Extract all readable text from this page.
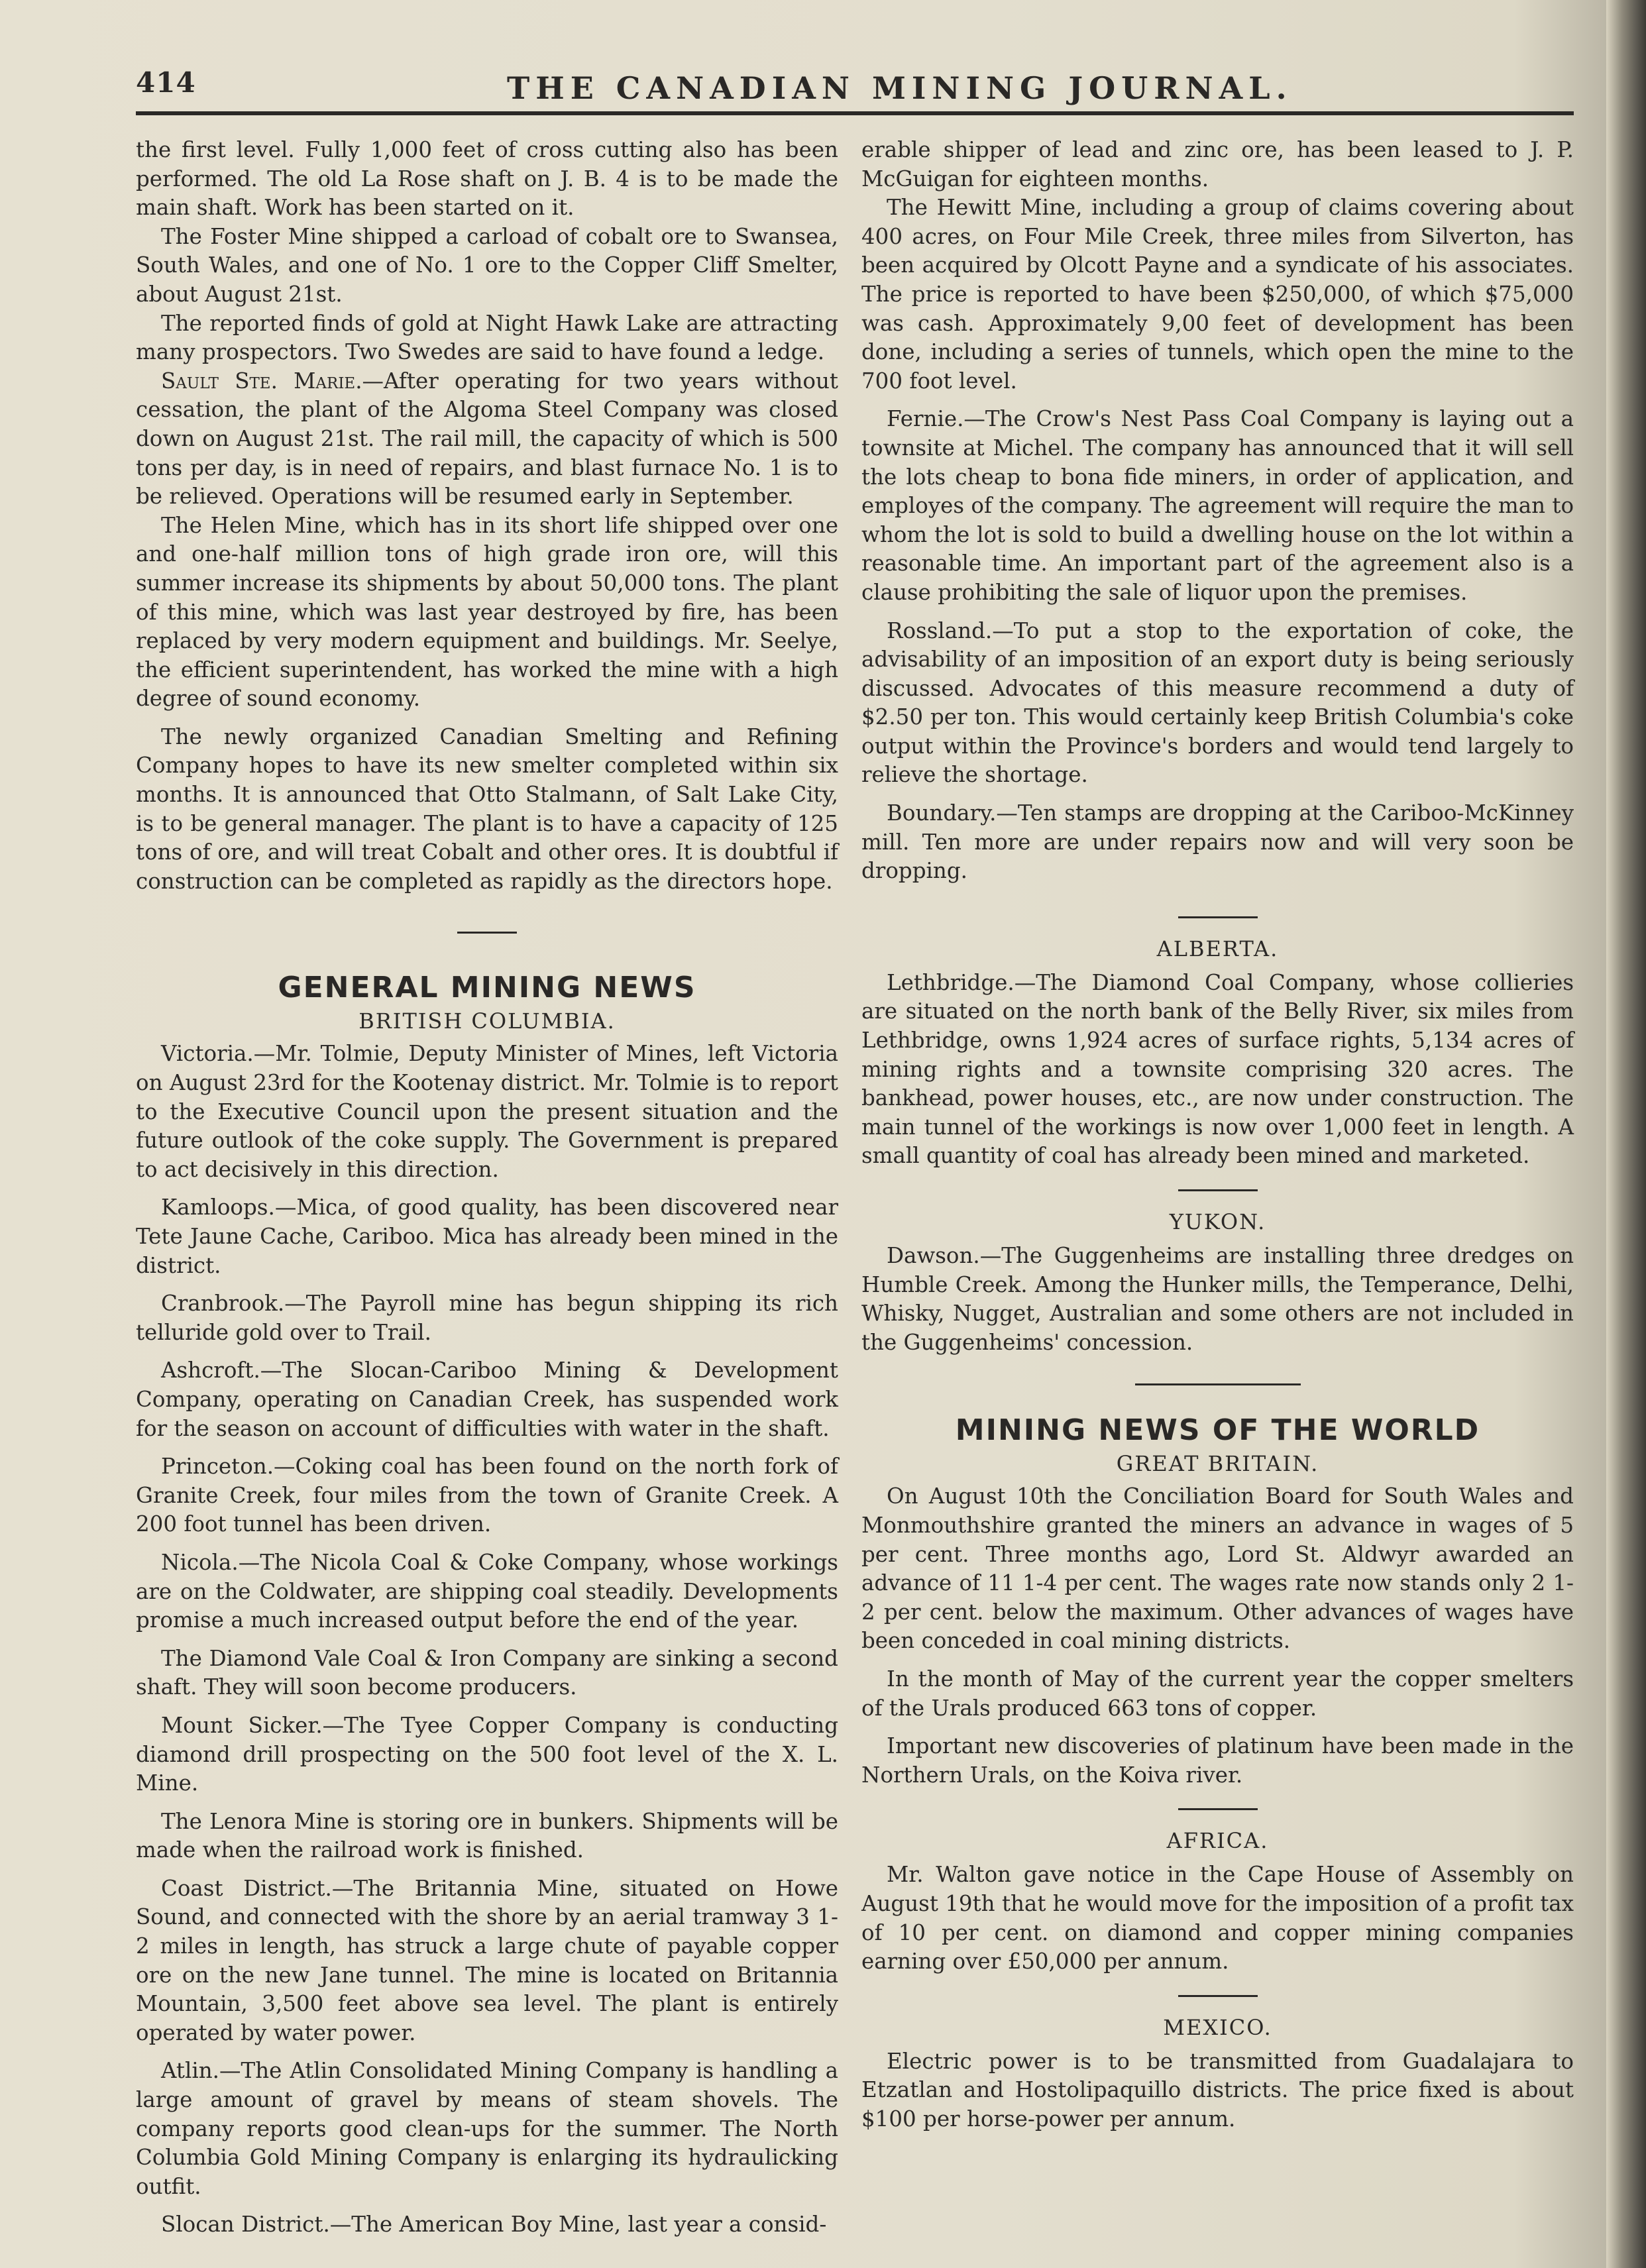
414	THE CANADIAN MINING JOURNAL.

the first level. Fully 1,000 feet of cross cutting also has been performed. The old La Rose shaft on J. B. 4 is to be made the main shaft. Work has been started on it.

The Foster Mine shipped a carload of cobalt ore to Swansea, South Wales, and one of No. 1 ore to the Copper Cliff Smelter, about August 21st.

The reported finds of gold at Night Hawk Lake are attracting many prospectors. Two Swedes are said to have found a ledge.

Sault Ste. Marie.—After operating for two years without cessation, the plant of the Algoma Steel Company was closed down on August 21st. The rail mill, the capacity of which is 500 tons per day, is in need of repairs, and blast furnace No. 1 is to be relieved. Operations will be resumed early in September.

The Helen Mine, which has in its short life shipped over one and one-half million tons of high grade iron ore, will this summer increase its shipments by about 50,000 tons. The plant of this mine, which was last year destroyed by fire, has been replaced by very modern equipment and buildings. Mr. Seelye, the efficient superintendent, has worked the mine with a high degree of sound economy.

The newly organized Canadian Smelting and Refining Company hopes to have its new smelter completed within six months. It is announced that Otto Stalmann, of Salt Lake City, is to be general manager. The plant is to have a capacity of 125 tons of ore, and will treat Cobalt and other ores. It is doubtful if construction can be completed as rapidly as the directors hope.

GENERAL MINING NEWS
BRITISH COLUMBIA.

Victoria.—Mr. Tolmie, Deputy Minister of Mines, left Victoria on August 23rd for the Kootenay district. Mr. Tolmie is to report to the Executive Council upon the present situation and the future outlook of the coke supply. The Government is prepared to act decisively in this direction.

Kamloops.—Mica, of good quality, has been discovered near Tete Jaune Cache, Cariboo. Mica has already been mined in the district.

Cranbrook.—The Payroll mine has begun shipping its rich telluride gold over to Trail.

Ashcroft.—The Slocan-Cariboo Mining & Development Company, operating on Canadian Creek, has suspended work for the season on account of difficulties with water in the shaft.

Princeton.—Coking coal has been found on the north fork of Granite Creek, four miles from the town of Granite Creek. A 200 foot tunnel has been driven.

Nicola.—The Nicola Coal & Coke Company, whose workings are on the Coldwater, are shipping coal steadily. Developments promise a much increased output before the end of the year.

The Diamond Vale Coal & Iron Company are sinking a second shaft. They will soon become producers.

Mount Sicker.—The Tyee Copper Company is conducting diamond drill prospecting on the 500 foot level of the X. L. Mine.

The Lenora Mine is storing ore in bunkers. Shipments will be made when the railroad work is finished.

Coast District.—The Britannia Mine, situated on Howe Sound, and connected with the shore by an aerial tramway 3 1-2 miles in length, has struck a large chute of payable copper ore on the new Jane tunnel. The mine is located on Britannia Mountain, 3,500 feet above sea level. The plant is entirely operated by water power.

Atlin.—The Atlin Consolidated Mining Company is handling a large amount of gravel by means of steam shovels. The company reports good clean-ups for the summer. The North Columbia Gold Mining Company is enlarging its hydraulicking outfit.

Slocan District.—The American Boy Mine, last year a consid-

erable shipper of lead and zinc ore, has been leased to J. P. McGuigan for eighteen months.

The Hewitt Mine, including a group of claims covering about 400 acres, on Four Mile Creek, three miles from Silverton, has been acquired by Olcott Payne and a syndicate of his associates. The price is reported to have been $250,000, of which $75,000 was cash. Approximately 9,00 feet of development has been done, including a series of tunnels, which open the mine to the 700 foot level.

Fernie.—The Crow's Nest Pass Coal Company is laying out a townsite at Michel. The company has announced that it will sell the lots cheap to bona fide miners, in order of application, and employes of the company. The agreement will require the man to whom the lot is sold to build a dwelling house on the lot within a reasonable time. An important part of the agreement also is a clause prohibiting the sale of liquor upon the premises.

Rossland.—To put a stop to the exportation of coke, the advisability of an imposition of an export duty is being seriously discussed. Advocates of this measure recommend a duty of $2.50 per ton. This would certainly keep British Columbia's coke output within the Province's borders and would tend largely to relieve the shortage.

Boundary.—Ten stamps are dropping at the Cariboo-McKinney mill. Ten more are under repairs now and will very soon be dropping.

ALBERTA.

Lethbridge.—The Diamond Coal Company, whose collieries are situated on the north bank of the Belly River, six miles from Lethbridge, owns 1,924 acres of surface rights, 5,134 acres of mining rights and a townsite comprising 320 acres. The bankhead, power houses, etc., are now under construction. The main tunnel of the workings is now over 1,000 feet in length. A small quantity of coal has already been mined and marketed.

YUKON.

Dawson.—The Guggenheims are installing three dredges on Humble Creek. Among the Hunker mills, the Temperance, Delhi, Whisky, Nugget, Australian and some others are not included in the Guggenheims' concession.

MINING NEWS OF THE WORLD
GREAT BRITAIN.

On August 10th the Conciliation Board for South Wales and Monmouthshire granted the miners an advance in wages of 5 per cent. Three months ago, Lord St. Aldwyr awarded an advance of 11 1-4 per cent. The wages rate now stands only 2 1-2 per cent. below the maximum. Other advances of wages have been conceded in coal mining districts.

In the month of May of the current year the copper smelters of the Urals produced 663 tons of copper.

Important new discoveries of platinum have been made in the Northern Urals, on the Koiva river.

AFRICA.

Mr. Walton gave notice in the Cape House of Assembly on August 19th that he would move for the imposition of a profit tax of 10 per cent. on diamond and copper mining companies earning over £50,000 per annum.

MEXICO.

Electric power is to be transmitted from Guadalajara to Etzatlan and Hostolipaquillo districts. The price fixed is about $100 per horse-power per annum.
